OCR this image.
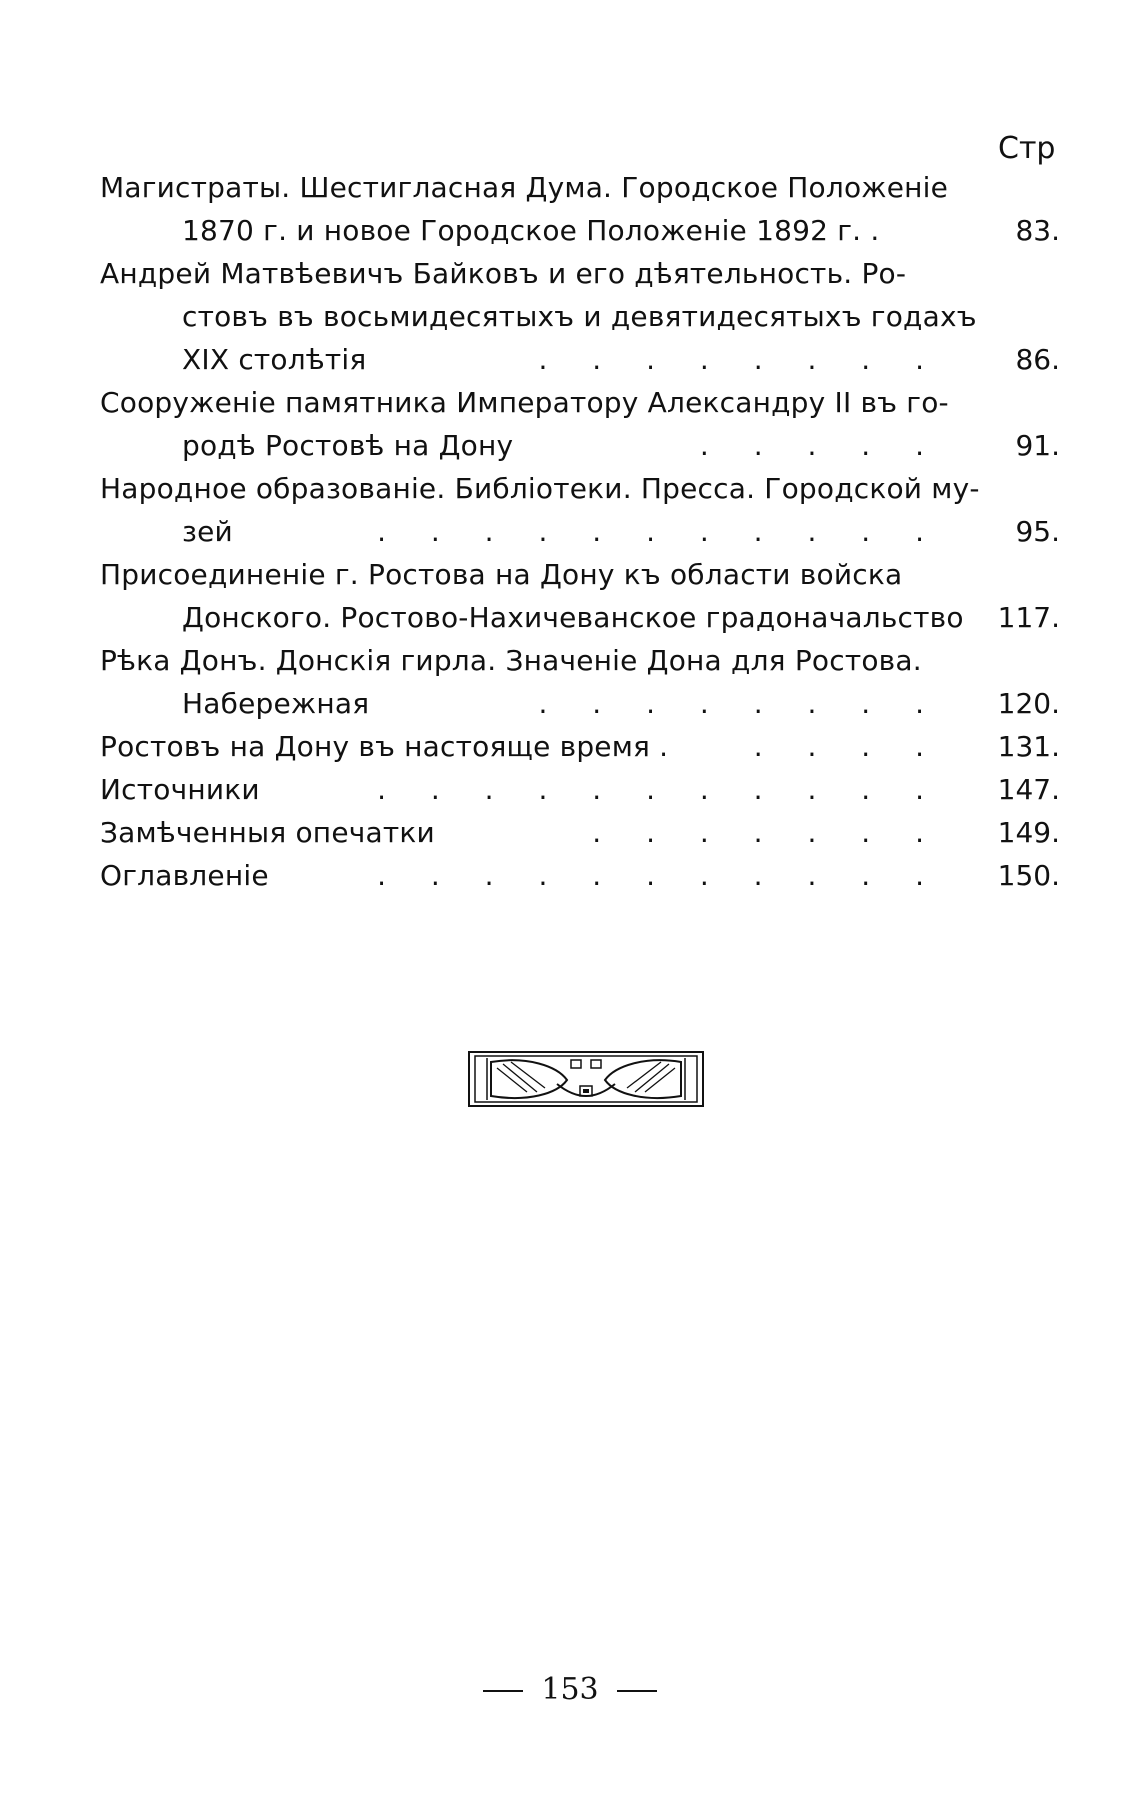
Стр
Магистраты. Шестигласная Дума. Городское Положенiе
1870 г. и новое Городское Положенiе 1892 г. .	83.
Андрей Матвѣевичъ Байковъ и его дѣятельность. Ро-
стовъ въ восьмидесятыхъ и девятидесятыхъ годахъ
XIX столѣтiя	. . . . . . . .	86.
Сооруженiе памятника Императору Александру II въ го-
родѣ Ростовѣ на Дону	. . . . .	91.
Народное образованiе. Библiотеки. Пресса. Городской му-
зей	. . . . . . . . . . .	95.
Присоединенiе г. Ростова на Дону къ области войска
Донского. Ростово-Нахичеванское градоначальство	117.
Рѣка Донъ. Донскiя гирла. Значенiе Дона для Ростова.
Набережная	. . . . . . . .	120.
Ростовъ на Дону въ настояще время .	. . . .	131.
Источники	. . . . . . . . . . .	147.
Замѣченныя опечатки	. . . . . . .	149.
Оглавленiе	. . . . . . . . . . .	150.
153
